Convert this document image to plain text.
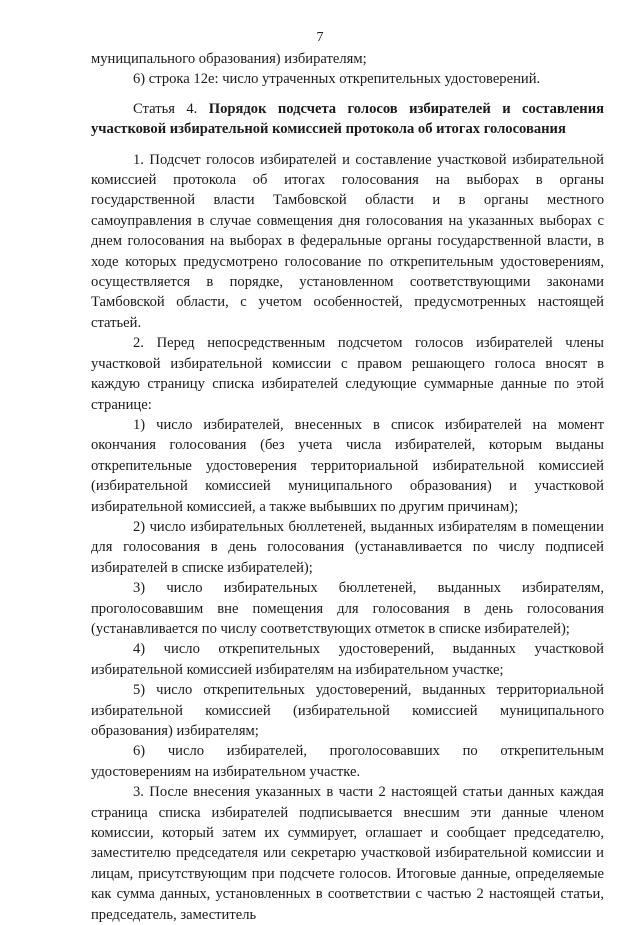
7

муниципального образования) избирателям;

6) строка 12е: число утраченных открепительных удостоверений.

Статья 4. Порядок подсчета голосов избирателей и составления участковой избирательной комиссией протокола об итогах голосования

1. Подсчет голосов избирателей и составление участковой избирательной комиссией протокола об итогах голосования на выборах в органы государственной власти Тамбовской области и в органы местного самоуправления в случае совмещения дня голосования на указанных выборах с днем голосования на выборах в федеральные органы государственной власти, в ходе которых предусмотрено голосование по открепительным удостоверениям, осуществляется в порядке, установленном соответствующими законами Тамбовской области, с учетом особенностей, предусмотренных настоящей статьей.

2. Перед непосредственным подсчетом голосов избирателей члены участковой избирательной комиссии с правом решающего голоса вносят в каждую страницу списка избирателей следующие суммарные данные по этой странице:

1) число избирателей, внесенных в список избирателей на момент окончания голосования (без учета числа избирателей, которым выданы открепительные удостоверения территориальной избирательной комиссией (избирательной комиссией муниципального образования) и участковой избирательной комиссией, а также выбывших по другим причинам);

2) число избирательных бюллетеней, выданных избирателям в помещении для голосования в день голосования (устанавливается по числу подписей избирателей в списке избирателей);

3) число избирательных бюллетеней, выданных избирателям, проголосовавшим вне помещения для голосования в день голосования (устанавливается по числу соответствующих отметок в списке избирателей);

4) число открепительных удостоверений, выданных участковой избирательной комиссией избирателям на избирательном участке;

5) число открепительных удостоверений, выданных территориальной избирательной комиссией (избирательной комиссией муниципального образования) избирателям;

6) число избирателей, проголосовавших по открепительным удостоверениям на избирательном участке.

3. После внесения указанных в части 2 настоящей статьи данных каждая страница списка избирателей подписывается внесшим эти данные членом комиссии, который затем их суммирует, оглашает и сообщает председателю, заместителю председателя или секретарю участковой избирательной комиссии и лицам, присутствующим при подсчете голосов. Итоговые данные, определяемые как сумма данных, установленных в соответствии с частью 2 настоящей статьи, председатель, заместитель
